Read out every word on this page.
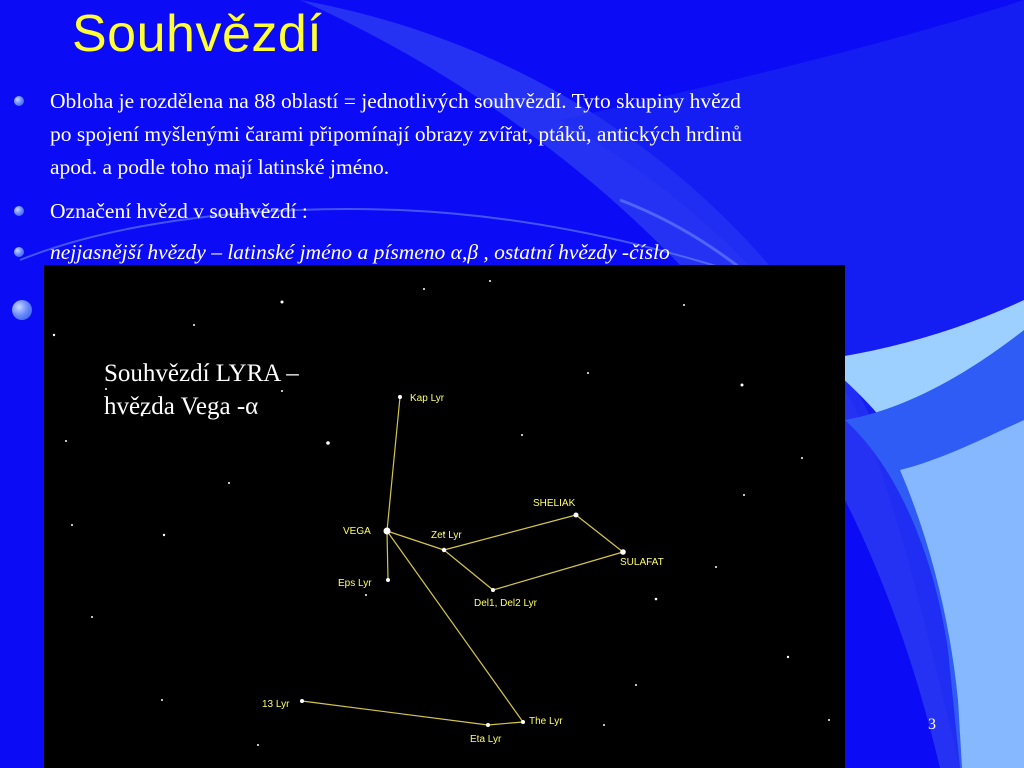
Souhvězdí
Obloha je rozdělena na 88 oblastí = jednotlivých souhvězdí. Tyto skupiny hvězd
po spojení myšlenými čarami připomínají obrazy zvířat, ptáků, antických hrdinů
apod. a podle toho mají latinské jméno.
Označení hvězd v souhvězdí :
nejjasnější hvězdy – latinské jméno a písmeno α,β , ostatní hvězdy -číslo
Kap Lyr
VEGA	Zet Lyr
SHELIAK
SULAFAT
Eps Lyr
Del1, Del2 Lyr
13 Lyr
The Lyr
Eta Lyr
Souhvězdí LYRA –
hvězda Vega -α
3
